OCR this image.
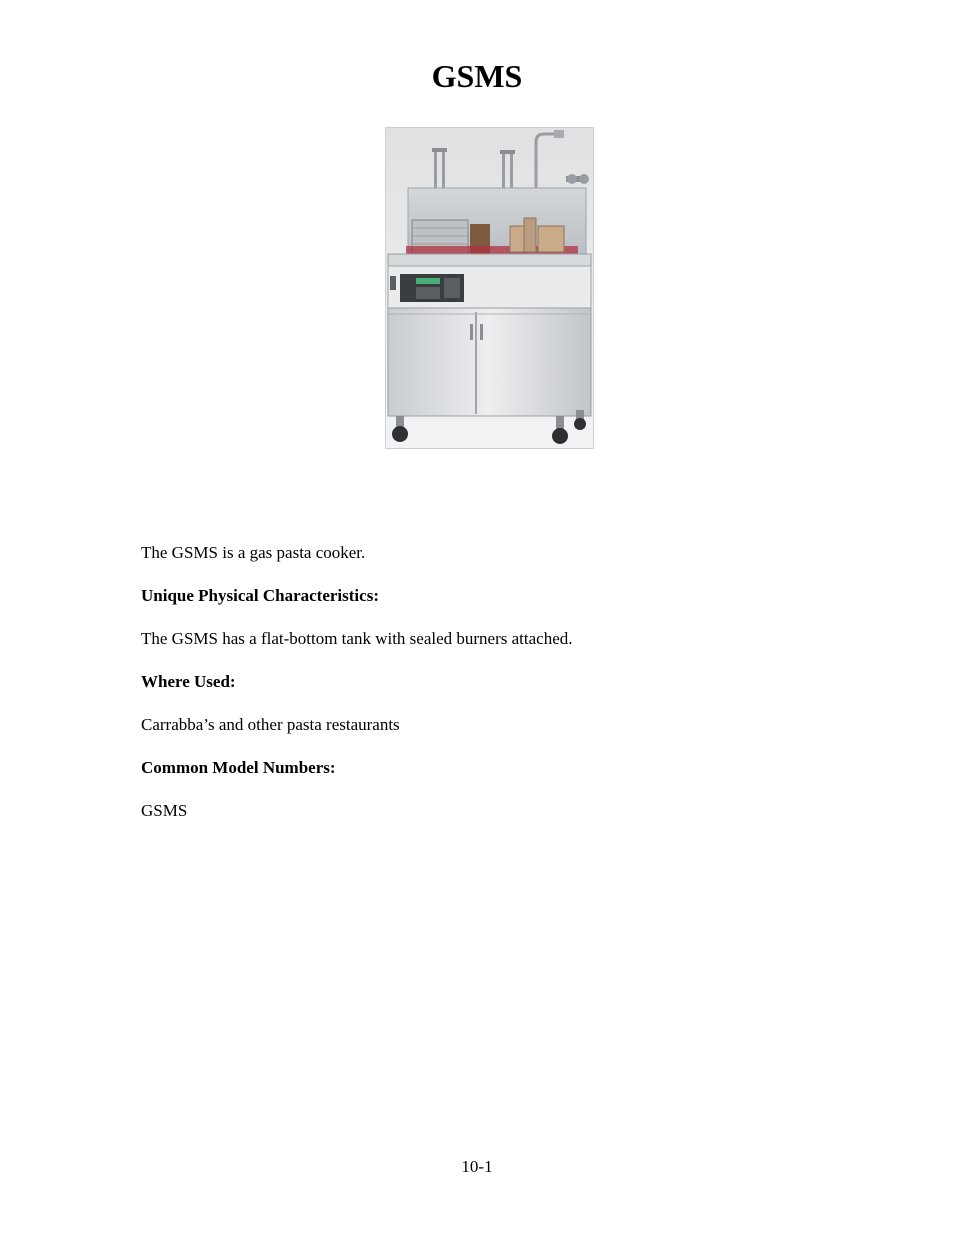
GSMS

The GSMS is a gas pasta cooker.

Unique Physical Characteristics:

The GSMS has a flat-bottom tank with sealed burners attached.

Where Used:

Carrabba’s and other pasta restaurants

Common Model Numbers:

GSMS

10-1
